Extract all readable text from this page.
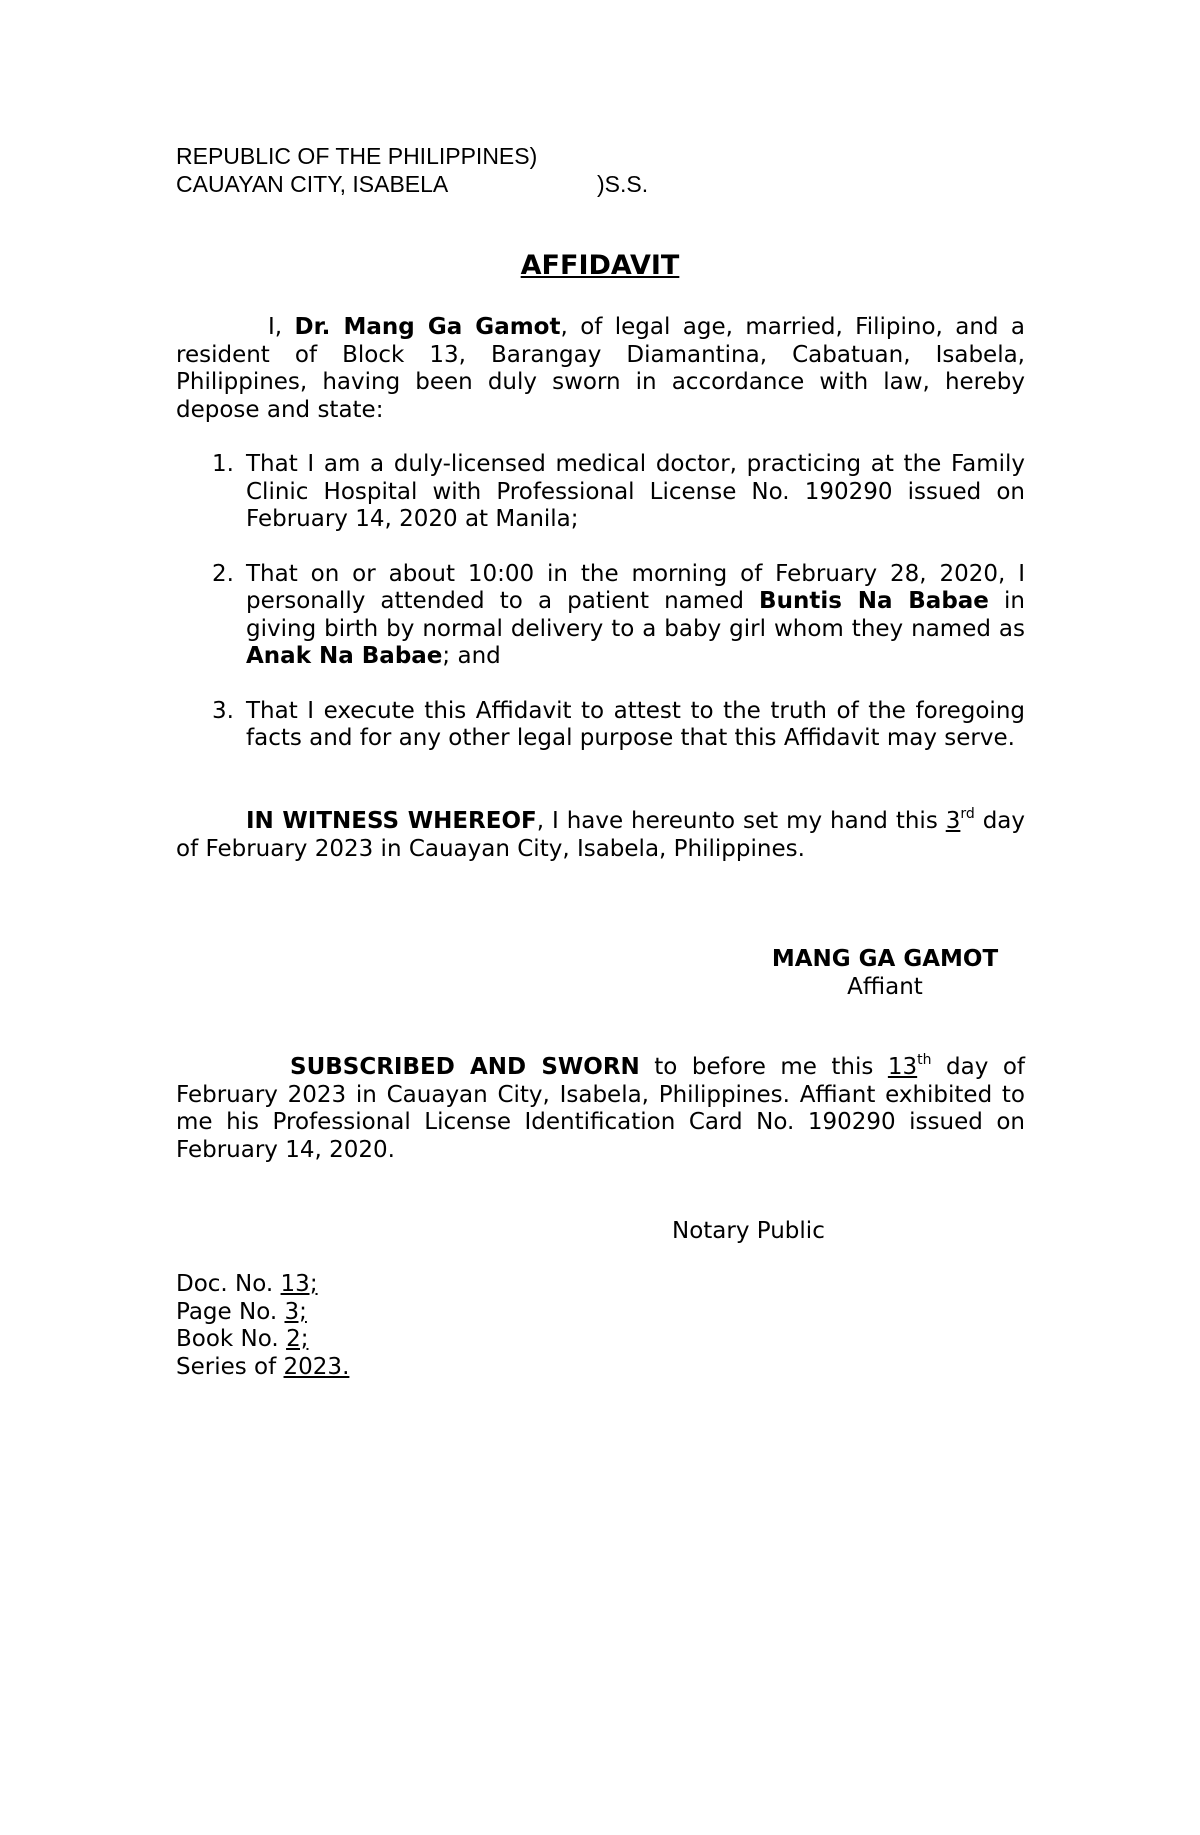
REPUBLIC OF THE PHILIPPINES)
CAUAYAN CITY, ISABELA	)S.S.
AFFIDAVIT

I, Dr. Mang Ga Gamot, of legal age, married, Filipino, and a resident of Block 13, Barangay Diamantina, Cabatuan, Isabela, Philippines, having been duly sworn in accordance with law, hereby depose and state:

1. That I am a duly-licensed medical doctor, practicing at the Family Clinic Hospital with Professional License No. 190290 issued on February 14, 2020 at Manila;
2. That on or about 10:00 in the morning of February 28, 2020, I personally attended to a patient named Buntis Na Babae in giving birth by normal delivery to a baby girl whom they named as Anak Na Babae; and
3. That I execute this Affidavit to attest to the truth of the foregoing facts and for any other legal purpose that this Affidavit may serve.

IN WITNESS WHEREOF, I have hereunto set my hand this 3rd day of February 2023 in Cauayan City, Isabela, Philippines.

MANG GA GAMOT
Affiant

SUBSCRIBED AND SWORN to before me this 13th day of February 2023 in Cauayan City, Isabela, Philippines. Affiant exhibited to me his Professional License Identification Card No. 190290 issued on February 14, 2020.

Notary Public
Doc. No. 13;
Page No. 3;
Book No. 2;
Series of 2023.
